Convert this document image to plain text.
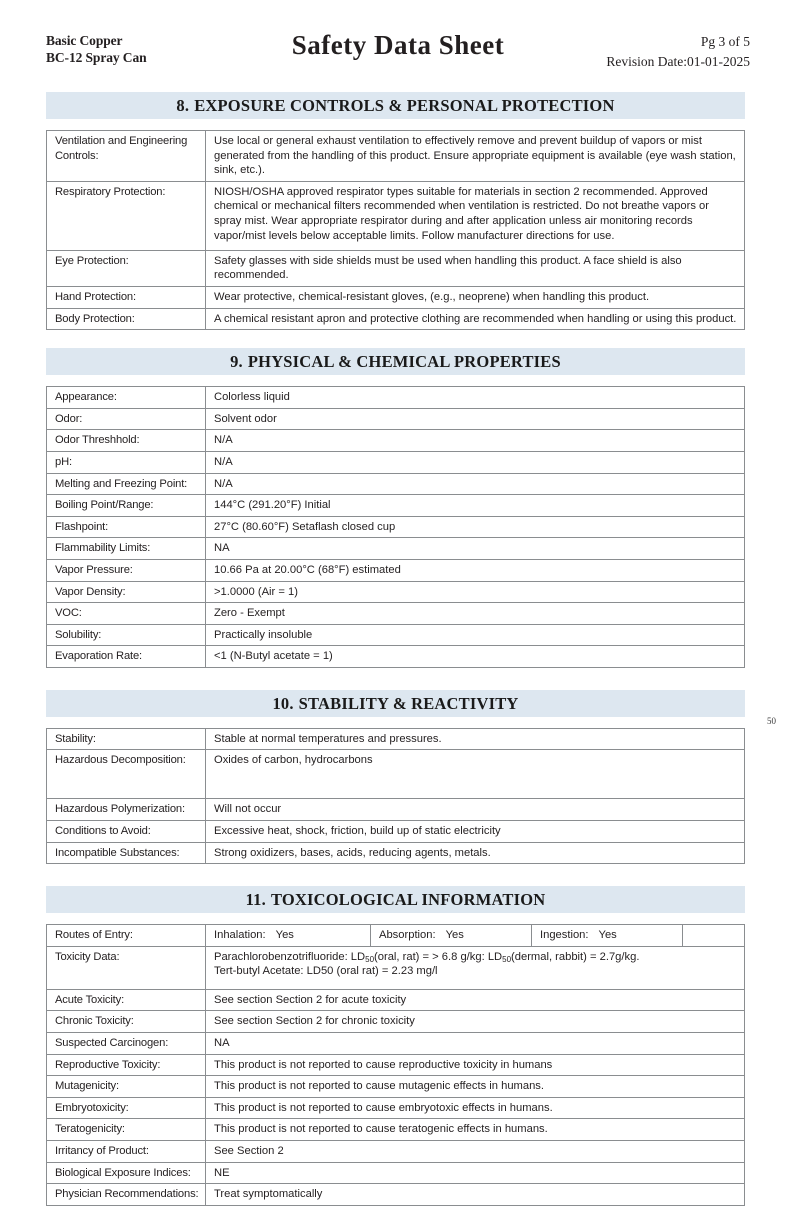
Basic Copper
BC-12 Spray Can	Safety Data Sheet	Pg 3 of 5
Revision Date:01-01-2025
8. EXPOSURE CONTROLS & PERSONAL PROTECTION
Ventilation and Engineering Controls:	Use local or general exhaust ventilation to effectively remove and prevent buildup of vapors or mist generated from the handling of this product. Ensure appropriate equipment is available (eye wash station, sink, etc.).
Respiratory Protection:	NIOSH/OSHA approved respirator types suitable for materials in section 2 recommended. Approved chemical or mechanical filters recommended when ventilation is restricted. Do not breathe vapors or spray mist. Wear appropriate respirator during and after application unless air monitoring records vapor/mist levels below acceptable limits. Follow manufacturer directions for use.
Eye Protection:	Safety glasses with side shields must be used when handling this product. A face shield is also recommended.
Hand Protection:	Wear protective, chemical-resistant gloves, (e.g., neoprene) when handling this product.
Body Protection:	A chemical resistant apron and protective clothing are recommended when handling or using this product.
9. PHYSICAL & CHEMICAL PROPERTIES
Appearance:	Colorless liquid
Odor:	Solvent odor
Odor Threshhold:	N/A
pH:	N/A
Melting and Freezing Point:	N/A
Boiling Point/Range:	144°C (291.20°F) Initial
Flashpoint:	27°C (80.60°F) Setaflash closed cup
Flammability Limits:	NA
Vapor Pressure:	10.66 Pa at 20.00°C (68°F) estimated
Vapor Density:	>1.0000 (Air = 1)
VOC:	Zero - Exempt
Solubility:	Practically insoluble
Evaporation Rate:	<1 (N-Butyl acetate = 1)
10. STABILITY & REACTIVITY
Stability:	Stable at normal temperatures and pressures.
Hazardous Decomposition:	Oxides of carbon, hydrocarbons
Hazardous Polymerization:	Will not occur
Conditions to Avoid:	Excessive heat, shock, friction, build up of static electricity
Incompatible Substances:	Strong oxidizers, bases, acids, reducing agents, metals.
11. TOXICOLOGICAL INFORMATION
Routes of Entry:	Inhalation: Yes	Absorption: Yes	Ingestion: Yes	
Toxicity Data:	Parachlorobenzotrifluoride: $LD_{50}(oral$, rat) = > 6.8 g/kg: $LD_{50}(dermal$, rabbit) = 2.7g/kg.
Tert-butyl Acetate: LD50 (oral rat) = 2.23 mg/l			

Acute Toxicity:	See section Section 2 for acute toxicity			
Chronic Toxicity:	See section Section 2 for chronic toxicity			
Suspected Carcinogen:	NA			
Reproductive Toxicity:	This product is not reported to cause reproductive toxicity in humans			
Mutagenicity:	This product is not reported to cause mutagenic effects in humans.			
Embryotoxicity:	This product is not reported to cause embryotoxic effects in humans.			
Teratogenicity:	This product is not reported to cause teratogenic effects in humans.			
Irritancy of Product:	See Section 2			
Biological Exposure Indices:	NE			
Physician Recommendations:	Treat symptomatically			
50
